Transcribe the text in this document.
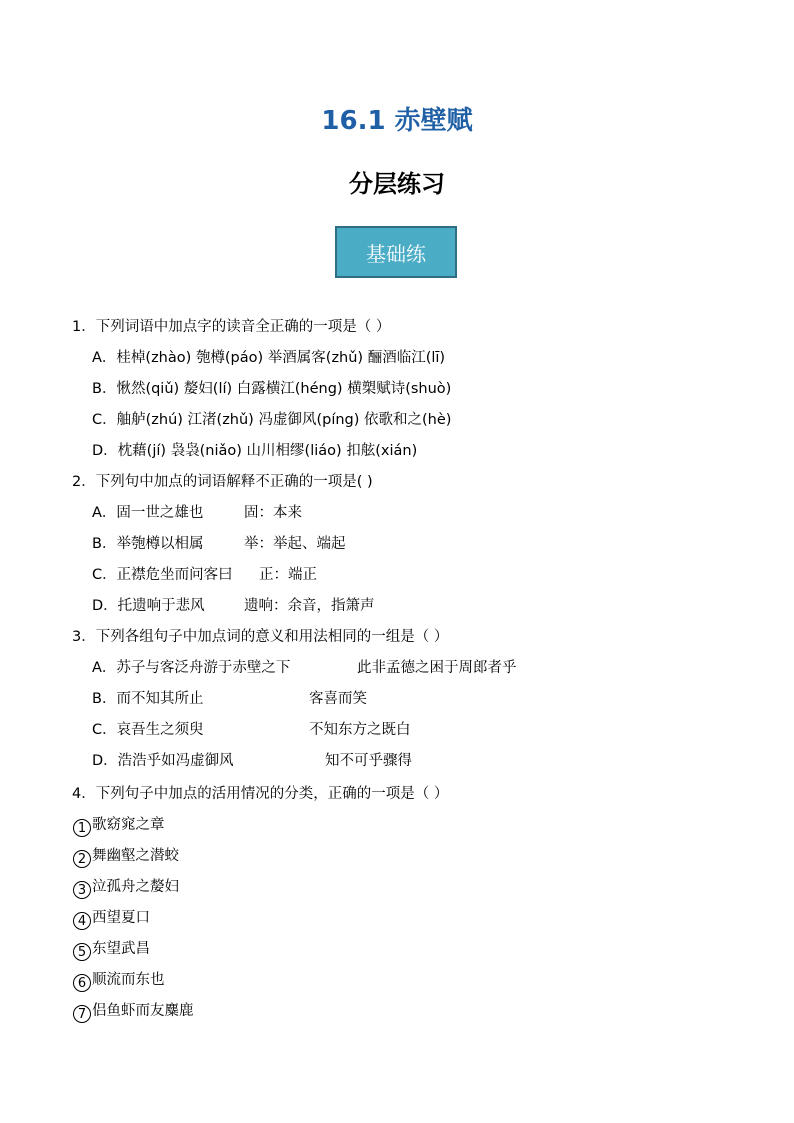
16.1 赤壁赋
分层练习
基础练
1．下列词语中加点字的读音全正确的一项是（ ）
A．桂棹(zhào) 匏樽(páo) 举酒属客(zhǔ) 酾酒临江(lī)
B．愀然(qiǔ) 嫠妇(lí) 白露横江(héng) 横槊赋诗(shuò)
C．舳舻(zhú) 江渚(zhǔ) 冯虚御风(píng) 依歌和之(hè)
D．枕藉(jí) 袅袅(niǎo) 山川相缪(liáo) 扣舷(xián)
2．下列句中加点的词语解释不正确的一项是( )
A．固一世之雄也	固：本来
B．举匏樽以相属	举：举起、端起
C．正襟危坐而问客曰 正：端正
D．托遗响于悲风	遗响：余音，指箫声
3．下列各组句子中加点词的意义和用法相同的一组是（ ）
A．苏子与客泛舟游于赤壁之下	此非孟德之困于周郎者乎
B．而不知其所止	客喜而笑
C．哀吾生之须臾	不知东方之既白
D．浩浩乎如冯虚御风	知不可乎骤得
4．下列句子中加点的活用情况的分类，正确的一项是（ ）
1 歌窈窕之章
2 舞幽壑之潜蛟
3 泣孤舟之嫠妇
4 西望夏口
5 东望武昌
6 顺流而东也
7 侣鱼虾而友麋鹿
